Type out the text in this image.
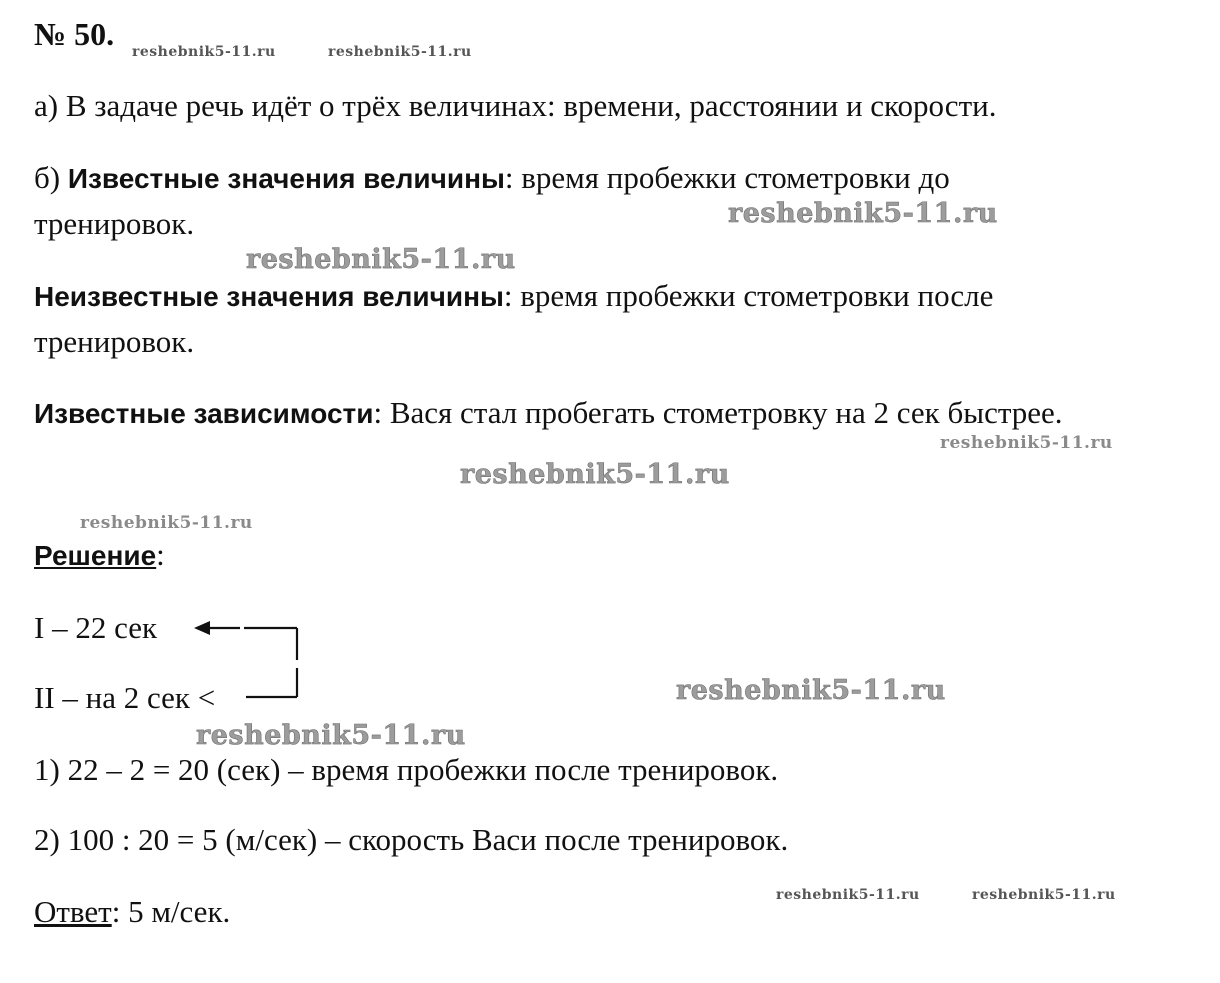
№ 50.
а) В задаче речь идёт о трёх величинах: времени, расстоянии и скорости.
б) Известные значения величины: время пробежки стометровки до
тренировок.
Неизвестные значения величины: время пробежки стометровки после
тренировок.
Известные зависимости: Вася стал пробегать стометровку на 2 сек быстрее.
Решение:
I – 22 сек
II – на 2 сек <
1) 22 – 2 = 20 (сек) – время пробежки после тренировок.
2) 100 : 20 = 5 (м/сек) – скорость Васи после тренировок.
Ответ: 5 м/сек.
reshebnik5-11.ru	reshebnik5-11.ru
reshebnik5-11.ru
reshebnik5-11.ru
reshebnik5-11.ru
reshebnik5-11.ru
reshebnik5-11.ru
reshebnik5-11.ru
reshebnik5-11.ru
reshebnik5-11.ru	reshebnik5-11.ru
